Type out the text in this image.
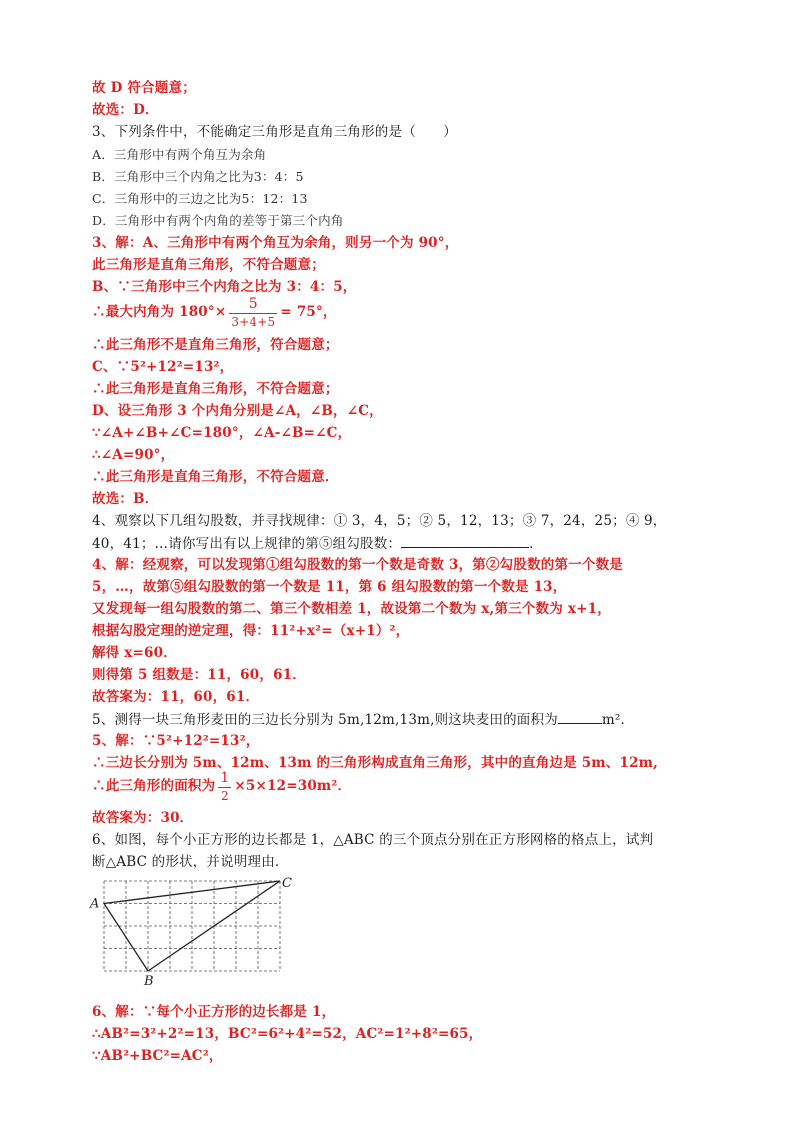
故 D 符合题意；
故选：D．
3、下列条件中，不能确定三角形是直角三角形的是（　　）
A．三角形中有两个角互为余角
B．三角形中三个内角之比为3：4：5
C．三角形中的三边之比为5：12：13
D．三角形中有两个内角的差等于第三个内角
3、解：A、三角形中有两个角互为余角，则另一个为 90°，
此三角形是直角三角形，不符合题意；
B、∵三角形中三个内角之比为 3：4：5，
∴最大内角为 $180^\circ\times \frac{5}{3+4+5} = 75^\circ$，
∴此三角形不是直角三角形，符合题意；
C、∵5²+12²=13²，
∴此三角形是直角三角形，不符合题意；
D、设三角形 3 个内角分别是∠A，∠B，∠C，
∵∠A+∠B+∠C=180°，∠A-∠B=∠C，
∴∠A=90°，
∴此三角形是直角三角形，不符合题意．
故选：B．
4、观察以下几组勾股数，并寻找规律：① 3，4，5；② 5，12，13；③ 7，24，25；④ 9，
40，41；…请你写出有以上规律的第⑤组勾股数：	．
4、解：经观察，可以发现第①组勾股数的第一个数是奇数 3，第②勾股数的第一个数是
5，…，故第⑤组勾股数的第一个数是 11，第 6 组勾股数的第一个数是 13，
又发现每一组勾股数的第二、第三个数相差 1，故设第二个数为 x,第三个数为 x+1，
根据勾股定理的逆定理，得：11²+x²=（x+1）²，
解得 x=60．
则得第 5 组数是：11，60，61．
故答案为：11，60，61．
5、测得一块三角形麦田的三边长分别为 5m,12m,13m,则这块麦田的面积为	m²．
5、解：∵5²+12²=13²，
∴三边长分别为 5m、12m、13m 的三角形构成直角三角形，其中的直角边是 5m、12m,
∴此三角形的面积为 $\frac{1}{2} \times 5\times 12=30m^2$．
故答案为：30．
6、如图，每个小正方形的边长都是 1，△ABC 的三个顶点分别在正方形网格的格点上，试判
断△ABC 的形状，并说明理由．
A
B
C
6、解：∵每个小正方形的边长都是 1，
∴AB²=3²+2²=13，BC²=6²+4²=52，AC²=1²+8²=65，
∵AB²+BC²=AC²，
